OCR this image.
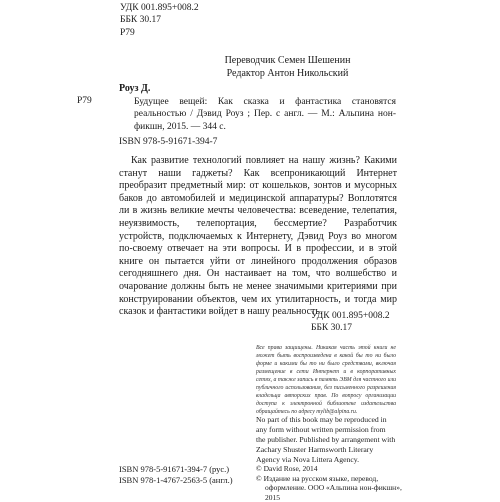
УДК 001.895+008.2
ББК 30.17
Р79
Переводчик Семен Шешенин
Редактор Антон Никольский
Роуз Д.
Р79	Будущее вещей: Как сказка и фантастика становятся реальностью / Дэвид Роуз ; Пер. с англ. — М.: Альпина нон-фикшн, 2015. — 344 с.
ISBN 978-5-91671-394-7

Как развитие технологий повлияет на нашу жизнь? Какими станут наши гаджеты? Как всепроникающий Интернет преобразит предметный мир: от кошельков, зонтов и мусорных баков до автомобилей и медицинской аппаратуры? Воплотятся ли в жизнь великие мечты человечества: всеведение, телепатия, неуязвимость, телепортация, бессмертие? Разработчик устройств, подключаемых к Интернету, Дэвид Роуз во многом по-своему отвечает на эти вопросы. И в профессии, и в этой книге он пытается уйти от линейного продолжения образов сегодняшнего дня. Он настаивает на том, что волшебство и очарование должны быть не менее значимыми критериями при конструировании объектов, чем их утилитарность, и тогда мир сказок и фантастики войдет в нашу реальность.

УДК 001.895+008.2
ББК 30.17
Все права защищены. Никакая часть этой книги не может быть воспроизведена в какой бы то ни было форме и какими бы то ни было средствами, включая размещение в сети Интернет и в корпоративных сетях, а также запись в память ЭВМ для частного или публичного использования, без письменного разрешения владельца авторских прав. По вопросу организации доступа к электронной библиотеке издательства обращайтесь по адресу mylib@alpina.ru.
No part of this book may be reproduced in any form without written permission from the publisher. Published by arrangement with Zachary Shuster Harmsworth Literary Agency via Nova Littera Agency.
ISBN 978-5-91671-394-7 (рус.)
ISBN 978-1-4767-2563-5 (англ.)
© David Rose, 2014
© Издание на русском языке, перевод, оформление. ООО «Альпина нон-фикшн», 2015
